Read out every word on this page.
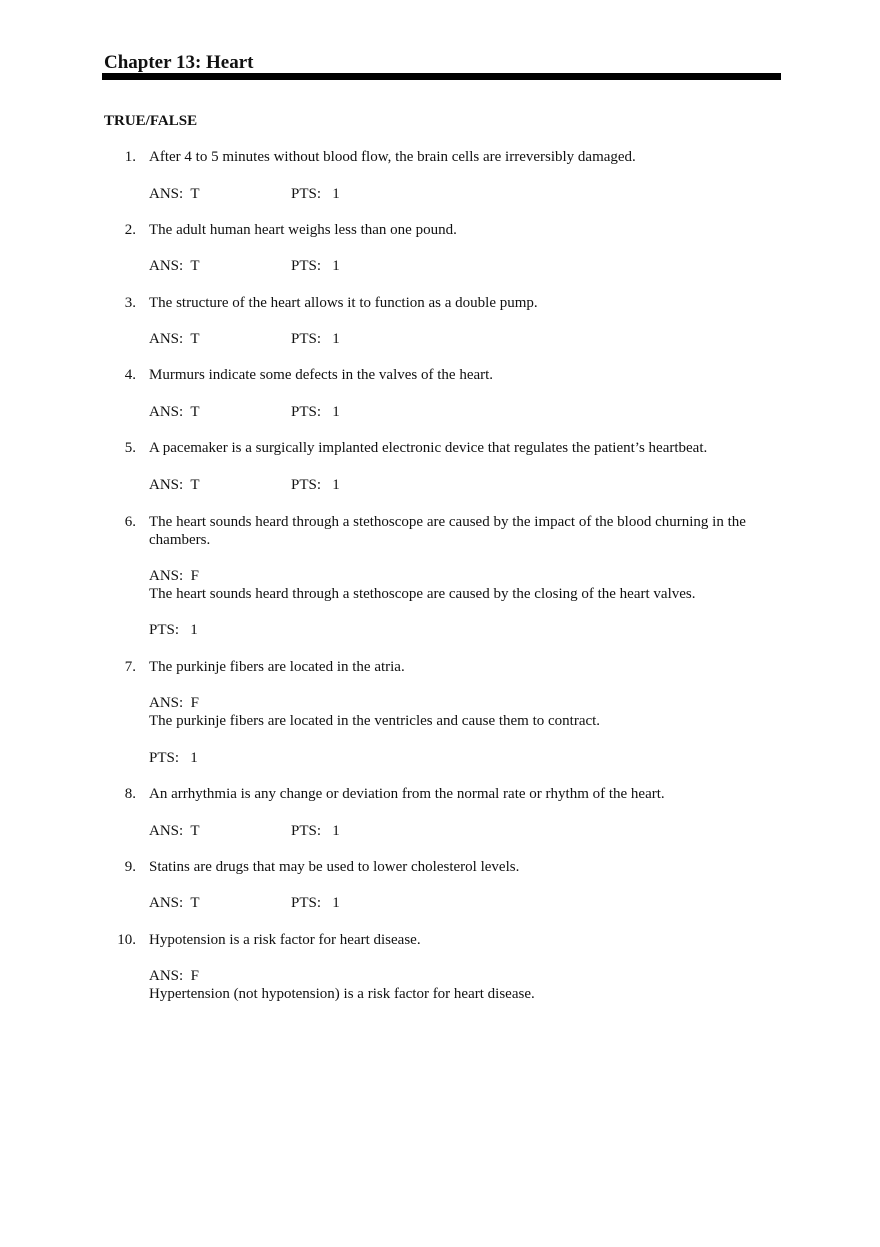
Chapter 13: Heart
TRUE/FALSE
1. After 4 to 5 minutes without blood flow, the brain cells are irreversibly damaged.
ANS:  T	PTS:   1
2. The adult human heart weighs less than one pound.
ANS:  T	PTS:   1
3. The structure of the heart allows it to function as a double pump.
ANS:  T	PTS:   1
4. Murmurs indicate some defects in the valves of the heart.
ANS:  T	PTS:   1
5. A pacemaker is a surgically implanted electronic device that regulates the patient’s heartbeat.
ANS:  T	PTS:   1
6. The heart sounds heard through a stethoscope are caused by the impact of the blood churning in the chambers.
ANS:  F
The heart sounds heard through a stethoscope are caused by the closing of the heart valves.
PTS:   1
7. The purkinje fibers are located in the atria.
ANS:  F
The purkinje fibers are located in the ventricles and cause them to contract.
PTS:   1
8. An arrhythmia is any change or deviation from the normal rate or rhythm of the heart.
ANS:  T	PTS:   1
9. Statins are drugs that may be used to lower cholesterol levels.
ANS:  T	PTS:   1
10. Hypotension is a risk factor for heart disease.
ANS:  F
Hypertension (not hypotension) is a risk factor for heart disease.
